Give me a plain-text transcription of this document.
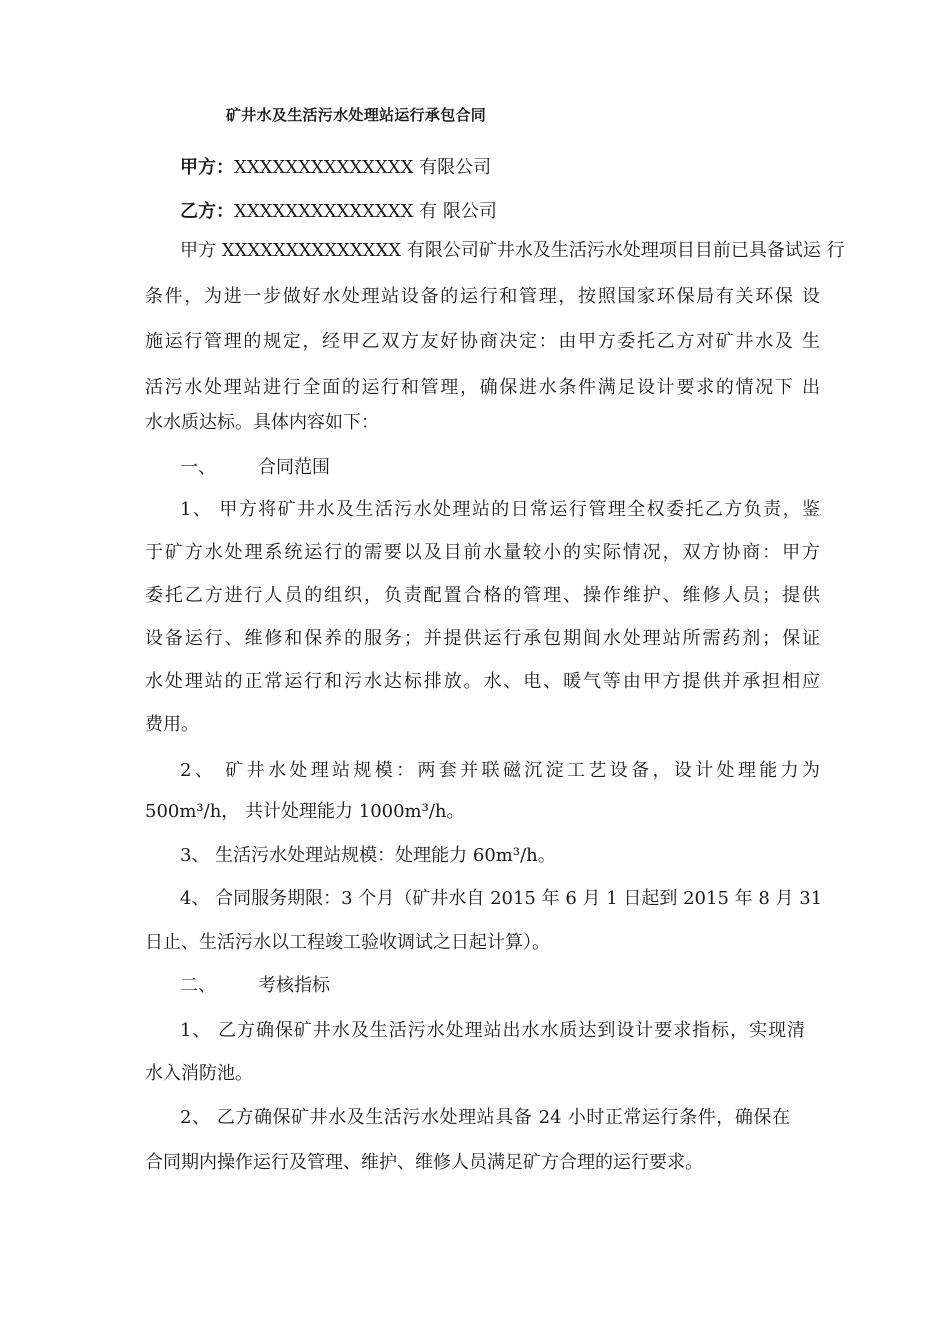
矿井水及生活污水处理站运行承包合同
甲方：XXXXXXXXXXXXXX 有限公司
乙方：XXXXXXXXXXXXXX 有 限公司
甲方 XXXXXXXXXXXXXX 有限公司矿井水及生活污水处理项目目前已具备试运 行
条件，为进一步做好水处理站设备的运行和管理，按照国家环保局有关环保 设
施运行管理的规定，经甲乙双方友好协商决定：由甲方委托乙方对矿井水及 生
活污水处理站进行全面的运行和管理，确保进水条件满足设计要求的情况下 出
水水质达标。具体内容如下：
一、 合同范围
1、 甲方将矿井水及生活污水处理站的日常运行管理全权委托乙方负责，鉴
于矿方水处理系统运行的需要以及目前水量较小的实际情况，双方协商：甲方
委托乙方进行人员的组织，负责配置合格的管理、操作维护、维修人员；提供
设备运行、维修和保养的服务；并提供运行承包期间水处理站所需药剂；保证
水处理站的正常运行和污水达标排放。水、电、暖气等由甲方提供并承担相应
费用。
2、 矿井水处理站规模：两套并联磁沉淀工艺设备，设计处理能力为
500m³/h， 共计处理能力 1000m³/h。
3、 生活污水处理站规模：处理能力 60m³/h。
4、 合同服务期限：3 个月（矿井水自 2015 年 6 月 1 日起到 2015 年 8 月 31
日止、生活污水以工程竣工验收调试之日起计算）。
二、 考核指标
1、 乙方确保矿井水及生活污水处理站出水水质达到设计要求指标，实现清
水入消防池。
2、 乙方确保矿井水及生活污水处理站具备 24 小时正常运行条件，确保在
合同期内操作运行及管理、维护、维修人员满足矿方合理的运行要求。
